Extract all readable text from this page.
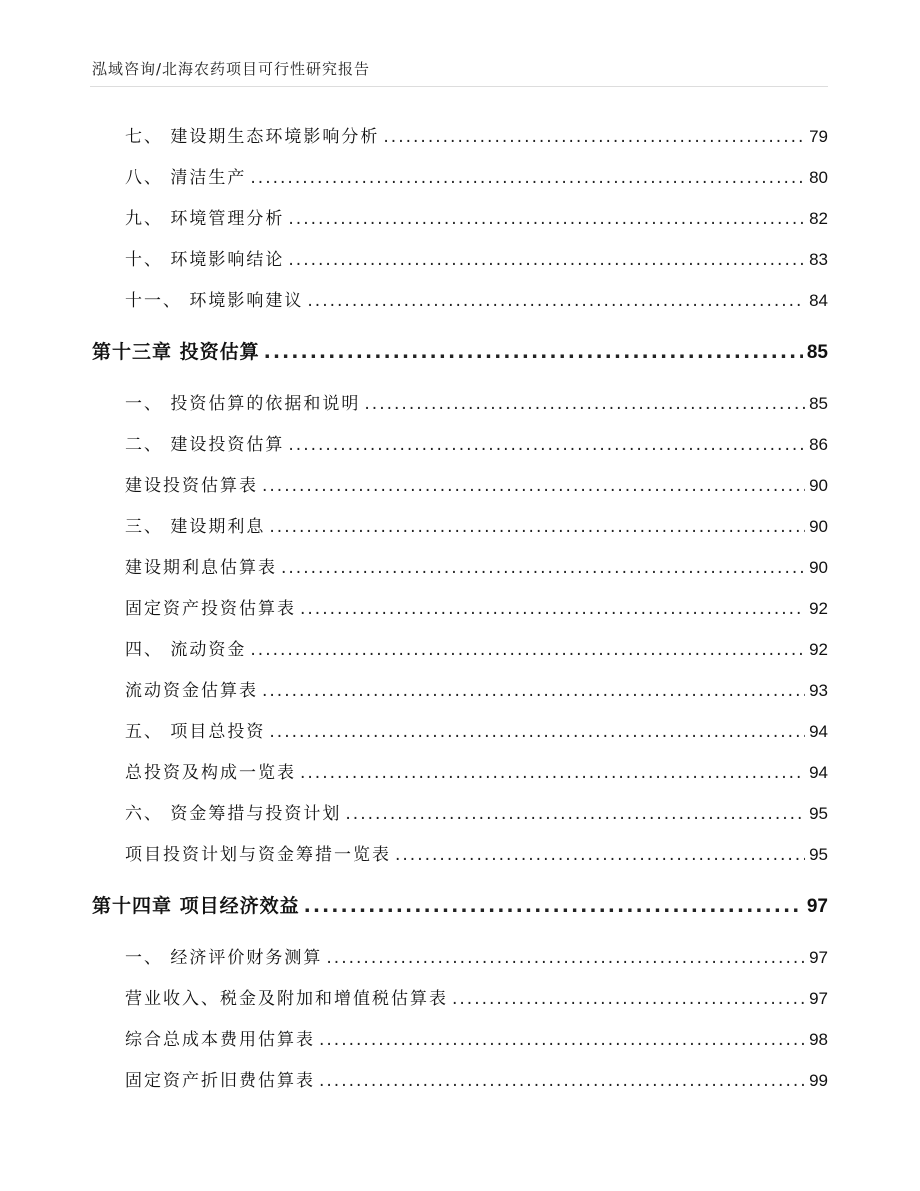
泓域咨询/北海农药项目可行性研究报告
七、 建设期生态环境影响分析 .....	79
八、 清洁生产 .....	80
九、 环境管理分析 .....	82
十、 环境影响结论 .....	83
十一、 环境影响建议 .....	84
第十三章 投资估算 .....	85
一、 投资估算的依据和说明 .....	85
二、 建设投资估算 .....	86
建设投资估算表 .....	90
三、 建设期利息 .....	90
建设期利息估算表 .....	90
固定资产投资估算表 .....	92
四、 流动资金 .....	92
流动资金估算表 .....	93
五、 项目总投资 .....	94
总投资及构成一览表 .....	94
六、 资金筹措与投资计划 .....	95
项目投资计划与资金筹措一览表 .....	95
第十四章 项目经济效益 .....	97
一、 经济评价财务测算 .....	97
营业收入、税金及附加和增值税估算表 .....	97
综合总成本费用估算表 .....	98
固定资产折旧费估算表 .....	99
